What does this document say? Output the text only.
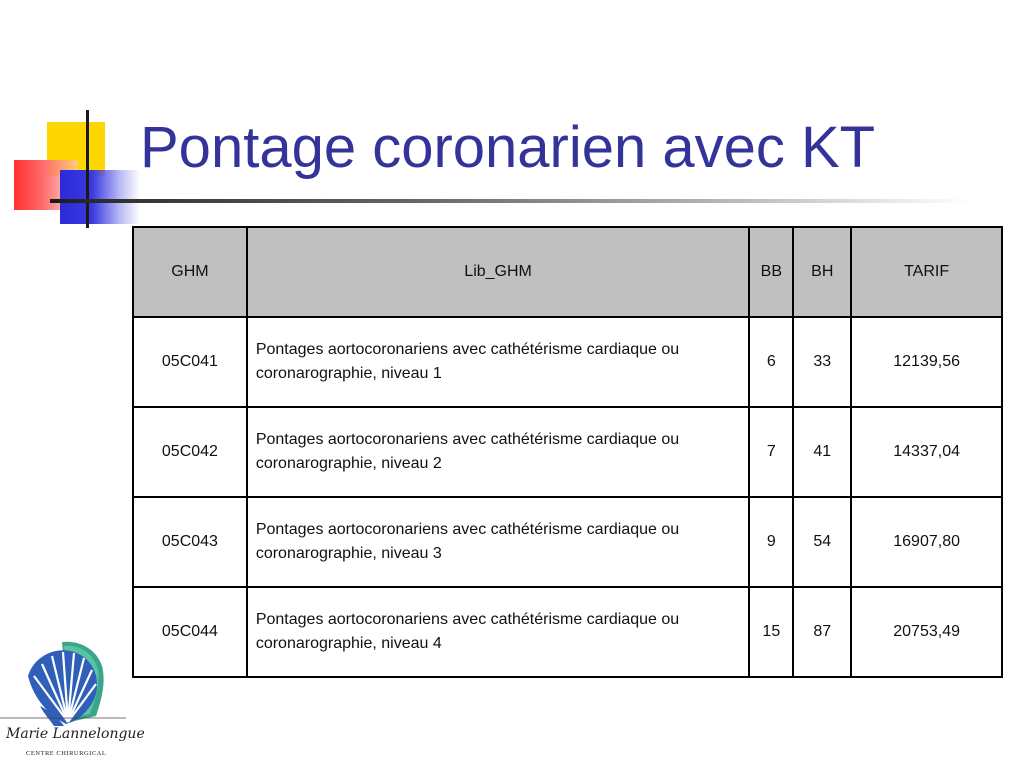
Pontage coronarien avec KT
GHM	Lib_GHM	BB	BH	TARIF
05C041	Pontages aortocoronariens avec cathétérisme cardiaque ou coronarographie, niveau 1	6	33	12139,56
05C042	Pontages aortocoronariens avec cathétérisme cardiaque ou coronarographie, niveau 2	7	41	14337,04
05C043	Pontages aortocoronariens avec cathétérisme cardiaque ou coronarographie, niveau 3	9	54	16907,80
05C044	Pontages aortocoronariens avec cathétérisme cardiaque ou coronarographie, niveau 4	15	87	20753,49
Marie Lannelongue
CENTRE CHIRURGICAL
